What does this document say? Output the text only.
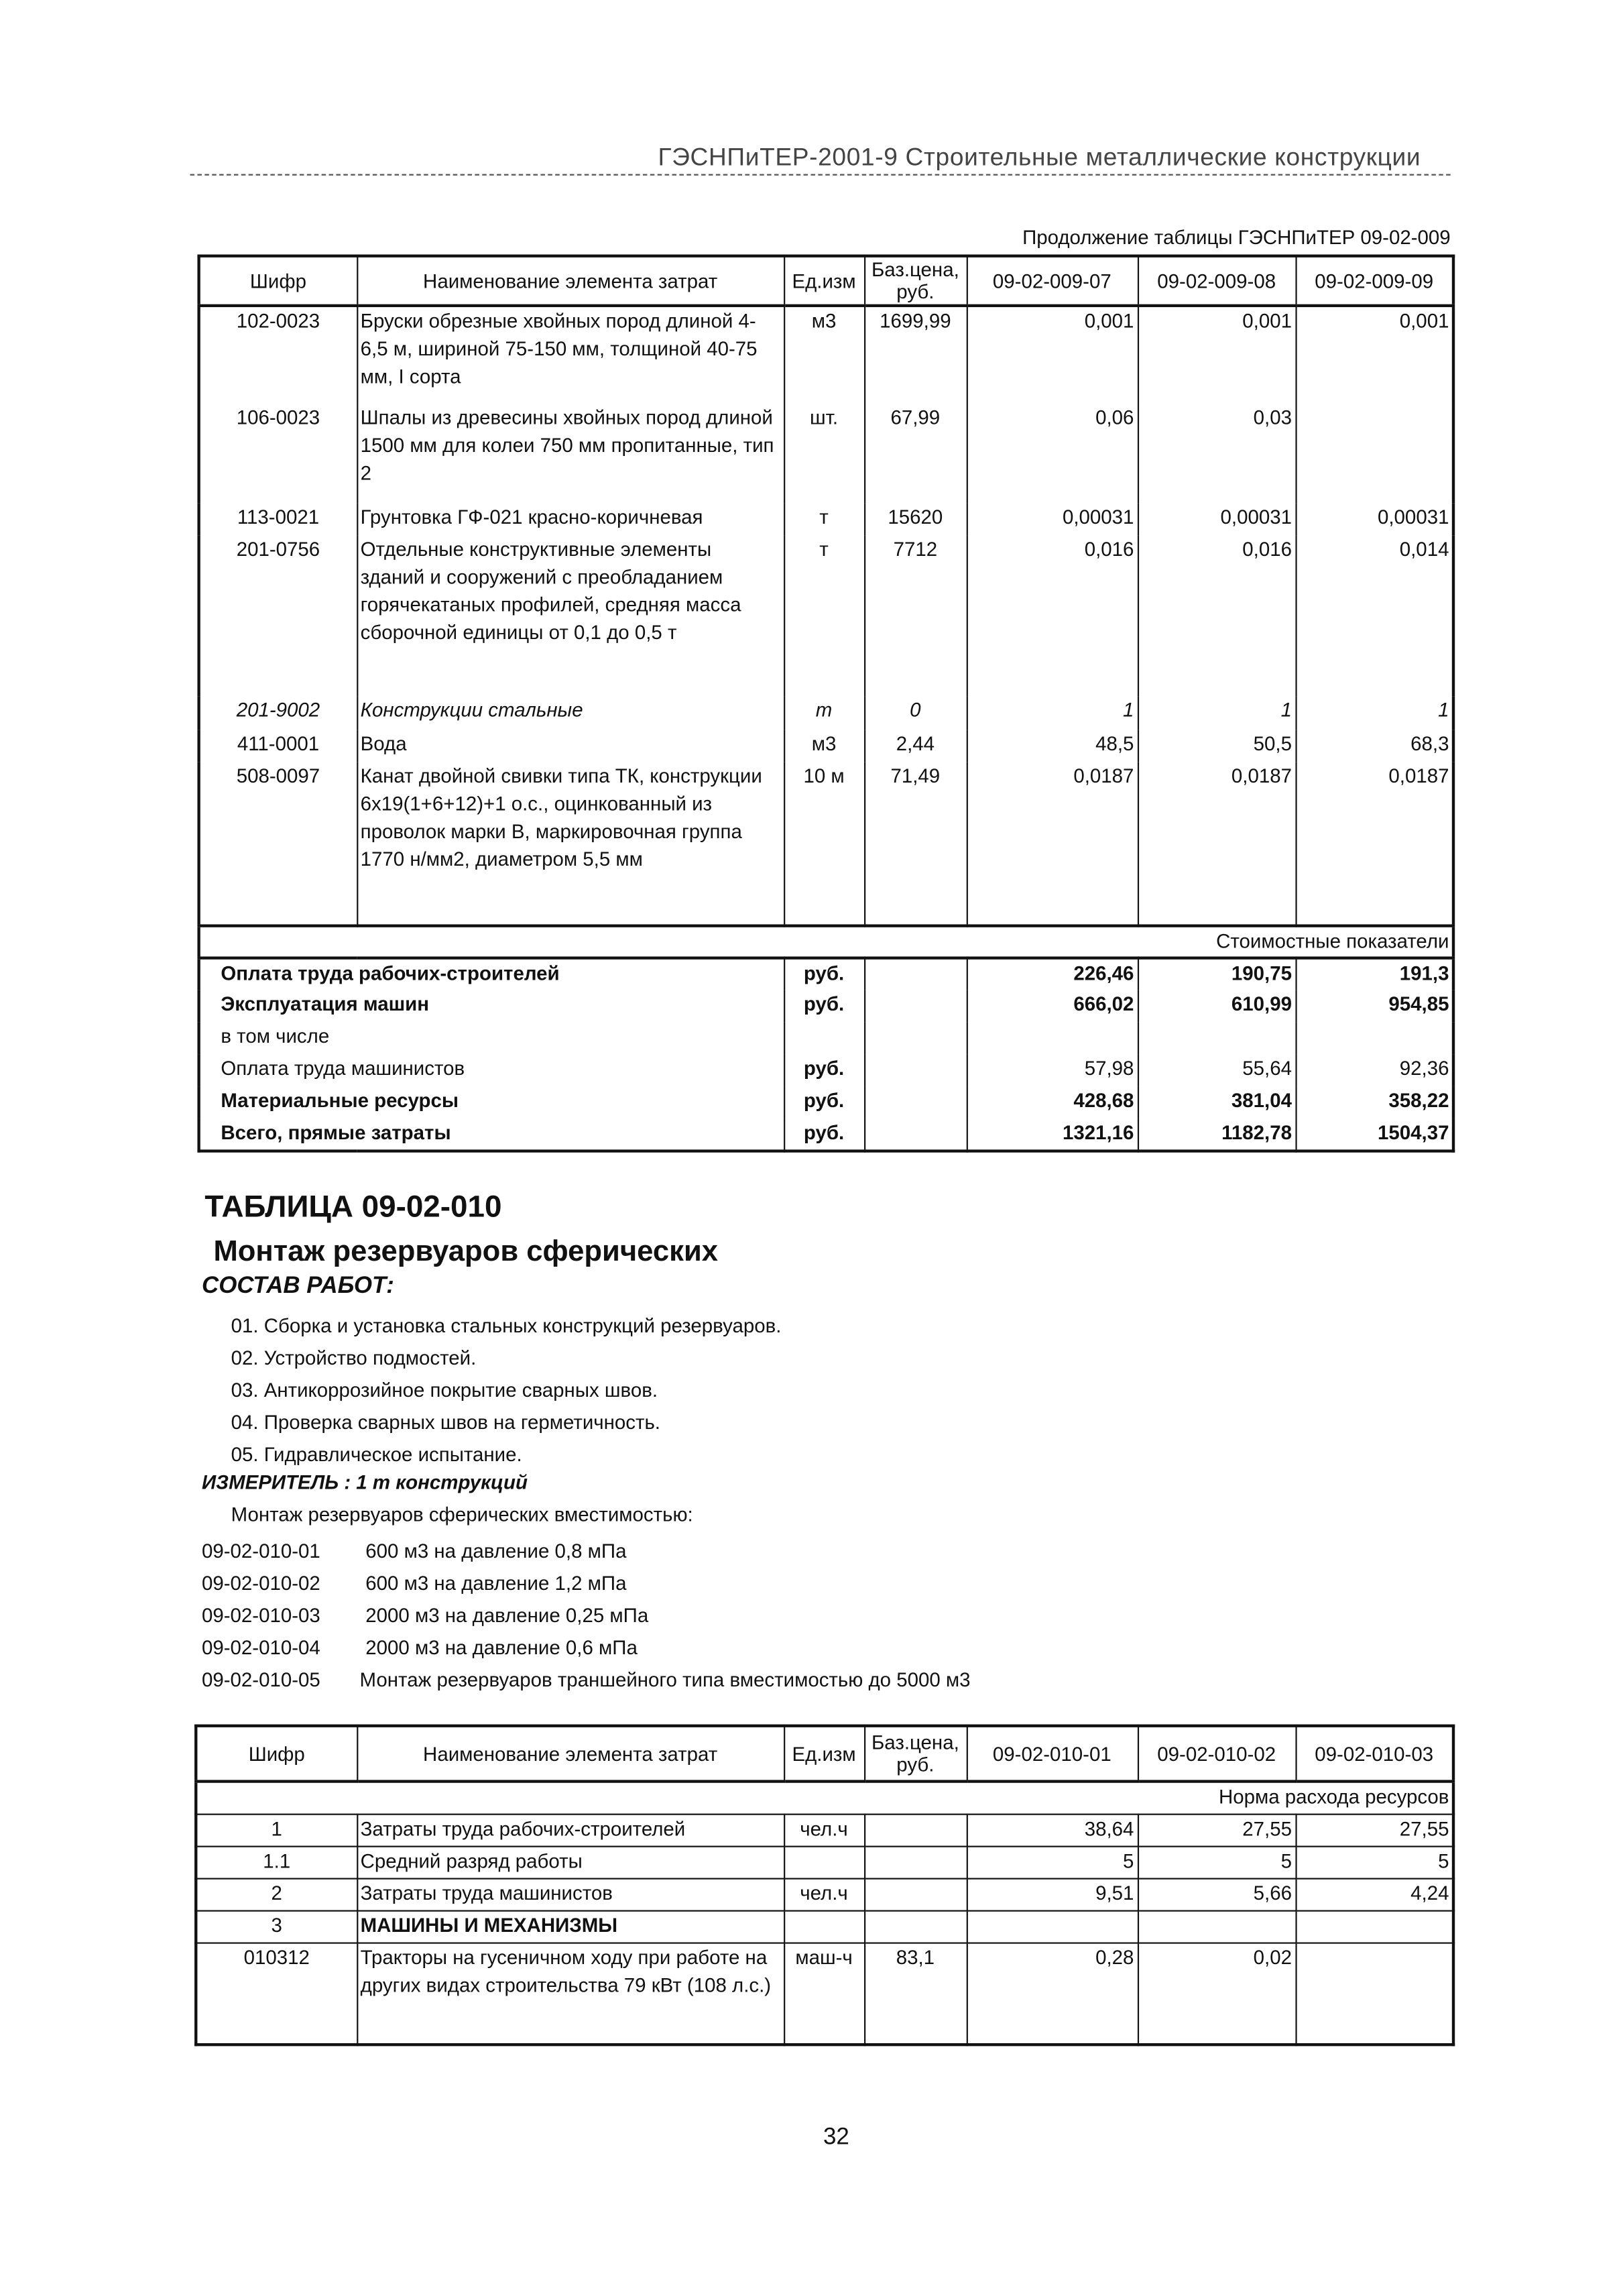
ГЭСНПиТЕР-2001-9 Строительные металлические конструкции
Продолжение таблицы ГЭСНПиТЕР 09-02-009
Шифр	Наименование элемента затрат	Ед.изм	Баз.цена, руб.	09-02-009-07	09-02-009-08	09-02-009-09
102-0023	Бруски обрезные хвойных пород длиной 4-6,5 м, шириной 75-150 мм, толщиной 40-75 мм, I сорта	м3	1699,99	0,001	0,001	0,001
106-0023	Шпалы из древесины хвойных пород длиной 1500 мм для колеи 750 мм пропитанные, тип 2	шт.	67,99	0,06	0,03	
113-0021	Грунтовка ГФ-021 красно-коричневая	т	15620	0,00031	0,00031	0,00031
201-0756	Отдельные конструктивные элементы зданий и сооружений с преобладанием горячекатаных профилей, средняя масса сборочной единицы от 0,1 до 0,5 т	т	7712	0,016	0,016	0,014
201-9002	Конструкции стальные	т	0	1	1	1
411-0001	Вода	м3	2,44	48,5	50,5	68,3
508-0097	Канат двойной свивки типа ТК, конструкции 6х19(1+6+12)+1 о.с., оцинкованный из проволок марки В, маркировочная группа 1770 н/мм2, диаметром 5,5 мм	10 м	71,49	0,0187	0,0187	0,0187
Стоимостные показатели						
Оплата труда рабочих-строителей		руб.		226,46	190,75	191,3
Эксплуатация машин		руб.		666,02	610,99	954,85
в том числе						
Оплата труда машинистов		руб.		57,98	55,64	92,36
Материальные ресурсы		руб.		428,68	381,04	358,22
Всего, прямые затраты		руб.		1321,16	1182,78	1504,37
ТАБЛИЦА 09-02-010
Монтаж резервуаров сферических
СОСТАВ РАБОТ:
01. Сборка и установка стальных конструкций резервуаров.
02. Устройство подмостей.
03. Антикоррозийное покрытие сварных швов.
04. Проверка сварных швов на герметичность.
05. Гидравлическое испытание.
ИЗМЕРИТЕЛЬ : 1 т конструкций
Монтаж резервуаров сферических вместимостью:
09-02-010-01	600 м3 на давление 0,8 мПа
09-02-010-02	600 м3 на давление 1,2 мПа
09-02-010-03	2000 м3 на давление 0,25 мПа
09-02-010-04	2000 м3 на давление 0,6 мПа
09-02-010-05	Монтаж резервуаров траншейного типа вместимостью до 5000 м3
Шифр	Наименование элемента затрат	Ед.изм	Баз.цена, руб.	09-02-010-01	09-02-010-02	09-02-010-03
Норма расхода ресурсов						
1	Затраты труда рабочих-строителей	чел.ч		38,64	27,55	27,55
1.1	Средний разряд работы			5	5	5
2	Затраты труда машинистов	чел.ч		9,51	5,66	4,24
3	МАШИНЫ И МЕХАНИЗМЫ					
010312	Тракторы на гусеничном ходу при работе на других видах строительства 79 кВт (108 л.с.)	маш-ч	83,1	0,28	0,02	
32
